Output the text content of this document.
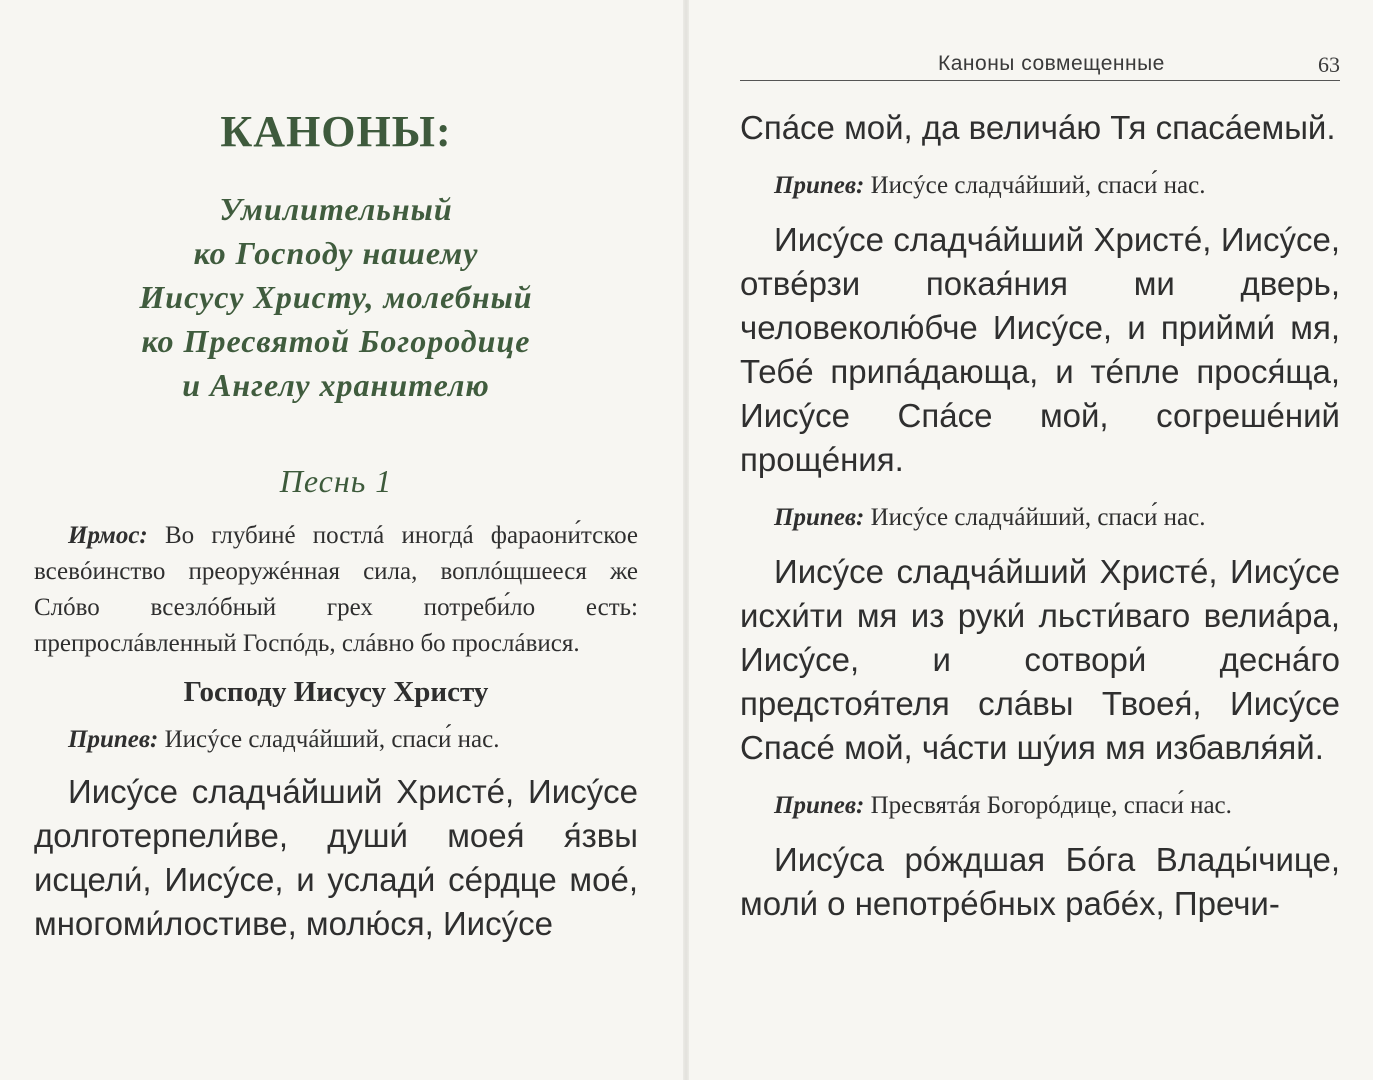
КАНОНЫ:
Умилительный
ко Господу нашему
Иисусу Христу, молебный
ко Пресвятой Богородице
и Ангелу хранителю
Песнь 1

Ирмос: Во глубинé постлá иногдá фараони́тское всевóинство преоружéнная сила, воплóщшееся же Слóво всезлóбный грех потреби́ло есть: препрослáвленный Госпóдь, слáвно бо прослáвися.

Господу Иисусу Христу

Припев: Иисýсе сладчáйший, спаси́ нас.

Иисýсе сладчáйший Христé, Иисýсе долготерпели́ве, души́ моея́ я́звы исцели́, Иисýсе, и услади́ сéрдце моé, многоми́лостиве, молю́ся, Иисýсе

Каноны совмещенные	63

Спáсе мой, да величáю Тя спасáемый.

Припев: Иисýсе сладчáйший, спаси́ нас.

Иисýсе сладчáйший Христé, Иисýсе, отвéрзи покая́ния ми дверь, человеколю́бче Иисýсе, и прийми́ мя, Тебé припáдающа, и тéпле прося́ща, Иисýсе Спáсе мой, согрешéний прощéния.

Припев: Иисýсе сладчáйший, спаси́ нас.

Иисýсе сладчáйший Христé, Иисýсе исхи́ти мя из руки́ льсти́ваго велиáра, Иисýсе, и сотвори́ деснáго предстоя́теля слáвы Твоея́, Иисýсе Спасé мой, чáсти шýия мя избавля́яй.

Припев: Пресвятáя Богорóдице, спаси́ нас.

Иисýса рóждшая Бóга Влады́чице, моли́ о непотрéбных рабéх, Пречи-
